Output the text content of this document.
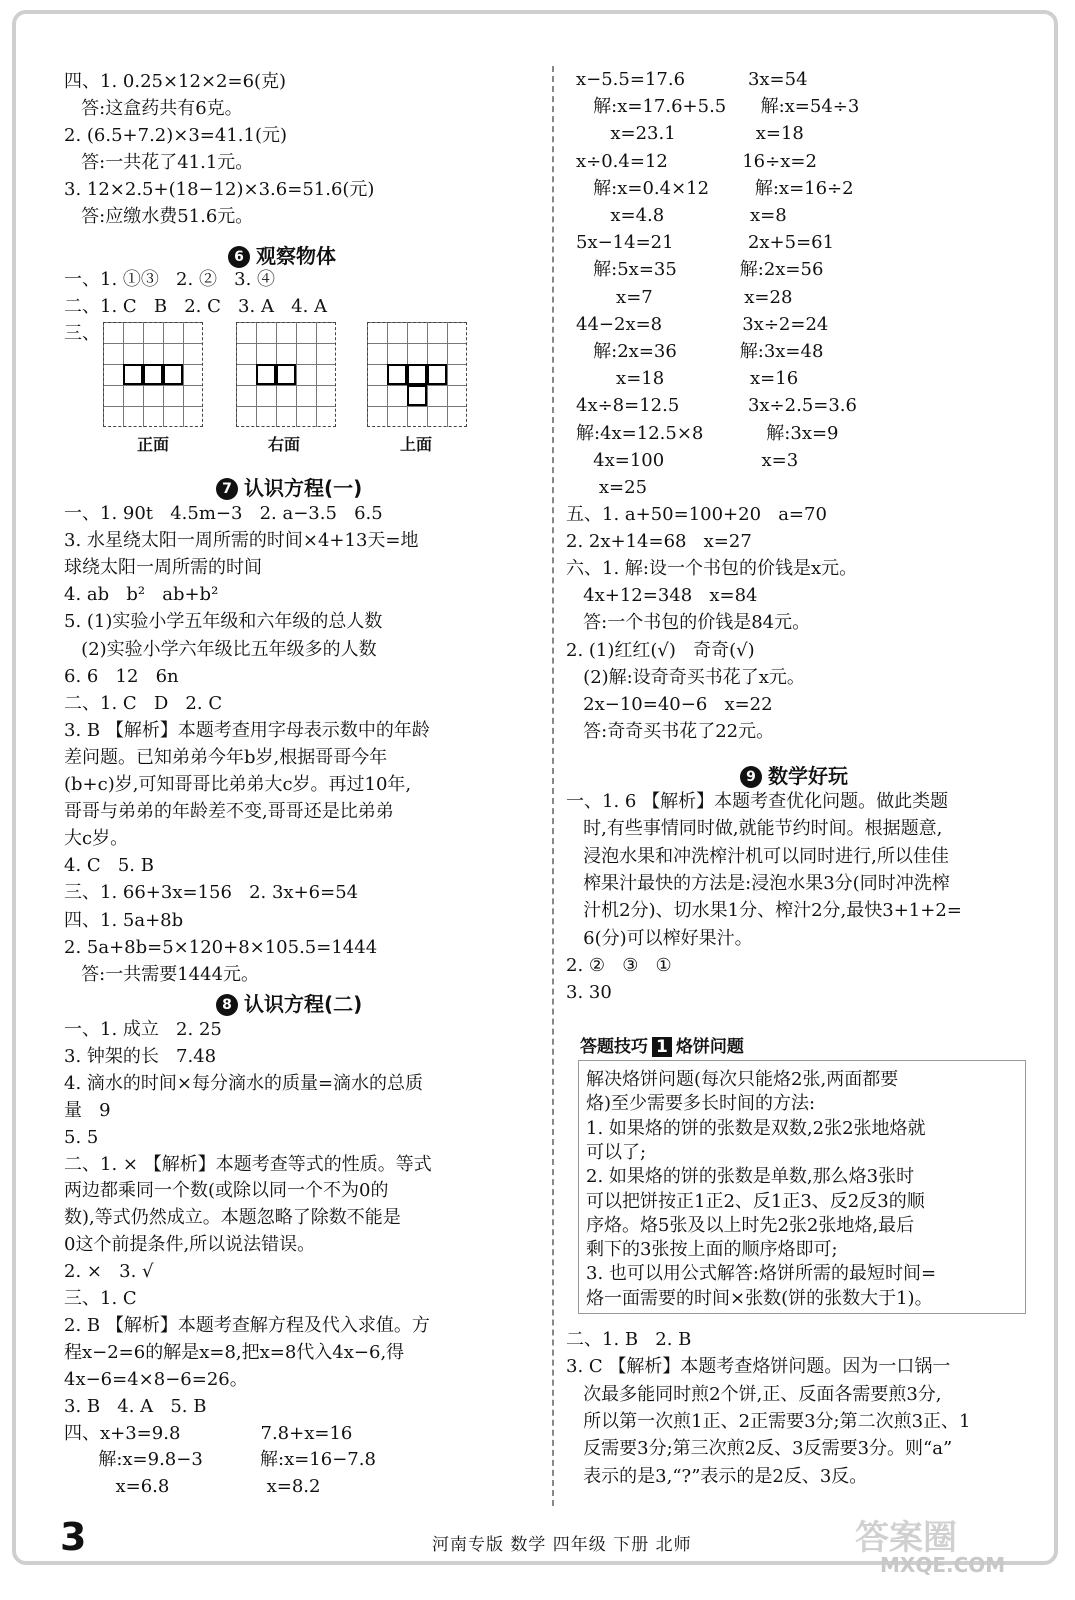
四、1. 0.25×12×2=6(克)
答:这盒药共有6克。
2. (6.5+7.2)×3=41.1(元)
答:一共花了41.1元。
3. 12×2.5+(18−12)×3.6=51.6(元)
答:应缴水费51.6元。
6 观察物体
一、1. ①③   2. ②   3. ④
二、1. C   B   2. C   3. A   4. A
三、
7 认识方程(一)
一、1. 90t   4.5m−3   2. a−3.5   6.5
3. 水星绕太阳一周所需的时间×4+13天=地
球绕太阳一周所需的时间
4. ab   b²   ab+b²
5. (1)实验小学五年级和六年级的总人数
(2)实验小学六年级比五年级多的人数
6. 6   12   6n
二、1. C   D   2. C
3. B 【解析】本题考查用字母表示数中的年龄
差问题。已知弟弟今年b岁,根据哥哥今年
(b+c)岁,可知哥哥比弟弟大c岁。再过10年,
哥哥与弟弟的年龄差不变,哥哥还是比弟弟
大c岁。
4. C   5. B
三、1. 66+3x=156   2. 3x+6=54
四、1. 5a+8b
2. 5a+8b=5×120+8×105.5=1444
答:一共需要1444元。
8 认识方程(二)
一、1. 成立   2. 25
3. 钟架的长   7.48
4. 滴水的时间×每分滴水的质量=滴水的总质
量   9
5. 5
二、1. × 【解析】本题考查等式的性质。等式
两边都乘同一个数(或除以同一个不为0的
数),等式仍然成立。本题忽略了除数不能是
0这个前提条件,所以说法错误。
2. ×   3. √
三、1. C
2. B 【解析】本题考查解方程及代入求值。方
程x−2=6的解是x=8,把x=8代入4x−6,得
4x−6=4×8−6=26。
3. B   4. A   5. B
四、x+3=9.8              7.8+x=16
解:x=9.8−3          解:x=16−7.8
x=6.8                 x=8.2
x−5.5=17.6           3x=54
解:x=17.6+5.5      解:x=54÷3
x=23.1              x=18
x÷0.4=12             16÷x=2
解:x=0.4×12        解:x=16÷2
x=4.8               x=8
5x−14=21             2x+5=61
解:5x=35           解:2x=56
x=7                x=28
44−2x=8              3x÷2=24
解:2x=36           解:3x=48
x=18               x=16
4x÷8=12.5            3x÷2.5=3.6
解:4x=12.5×8           解:3x=9
4x=100                 x=3
x=25
五、1. a+50=100+20   a=70
2. 2x+14=68   x=27
六、1. 解:设一个书包的价钱是x元。
4x+12=348   x=84
答:一个书包的价钱是84元。
2. (1)红红(√)   奇奇(√)
(2)解:设奇奇买书花了x元。
2x−10=40−6   x=22
答:奇奇买书花了22元。
9 数学好玩
一、1. 6 【解析】本题考查优化问题。做此类题
时,有些事情同时做,就能节约时间。根据题意,
浸泡水果和冲洗榨汁机可以同时进行,所以佳佳
榨果汁最快的方法是:浸泡水果3分(同时冲洗榨
汁机2分)、切水果1分、榨汁2分,最快3+1+2=
6(分)可以榨好果汁。
2. ②   ③   ①
3. 30
解决烙饼问题(每次只能烙2张,两面都要
烙)至少需要多长时间的方法:
1. 如果烙的饼的张数是双数,2张2张地烙就
可以了;
2. 如果烙的饼的张数是单数,那么烙3张时
可以把饼按正1正2、反1正3、反2反3的顺
序烙。烙5张及以上时先2张2张地烙,最后
剩下的3张按上面的顺序烙即可;
3. 也可以用公式解答:烙饼所需的最短时间=
烙一面需要的时间×张数(饼的张数大于1)。
二、1. B   2. B
3. C 【解析】本题考查烙饼问题。因为一口锅一
次最多能同时煎2个饼,正、反面各需要煎3分,
所以第一次煎1正、2正需要3分;第二次煎3正、1
反需要3分;第三次煎2反、3反需要3分。则“a”
表示的是3,“?”表示的是2反、3反。
正面	右面	上面
答题技巧 1 烙饼问题
3	河南专版 数学 四年级 下册 北师	答案圈
MXQE.COM
